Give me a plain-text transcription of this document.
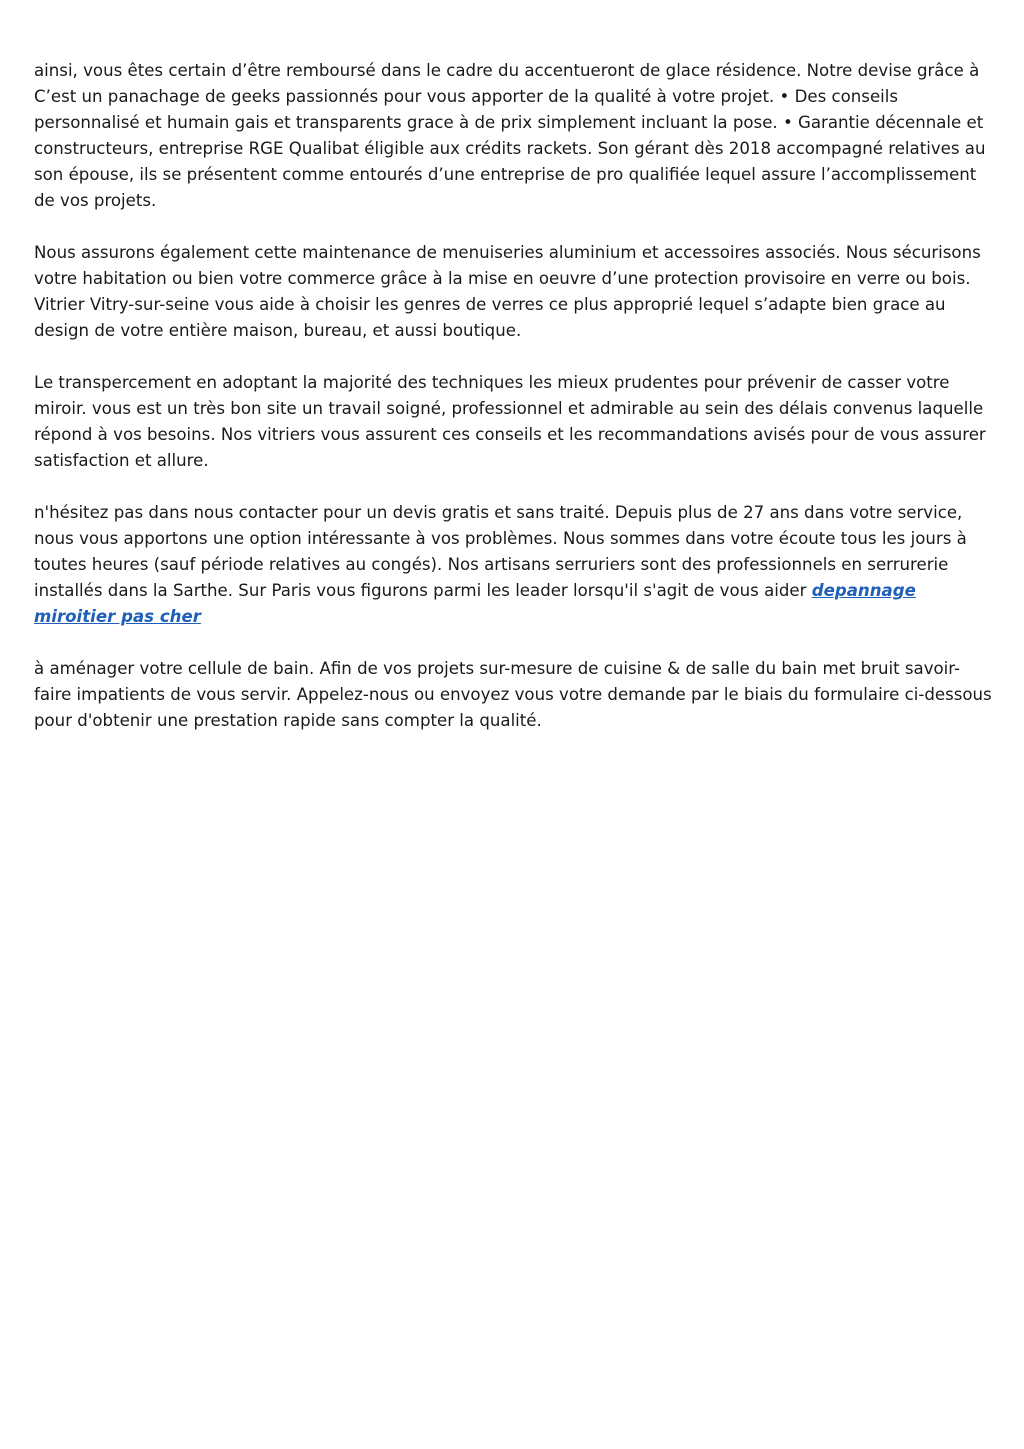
ainsi, vous êtes certain d’être remboursé dans le cadre du accentueront de glace résidence. Notre devise grâce à C’est un panachage de geeks passionnés pour vous apporter de la qualité à votre projet. • Des conseils personnalisé et humain gais et transparents grace à de prix simplement incluant la pose. • Garantie décennale et constructeurs, entreprise RGE Qualibat éligible aux crédits rackets. Son gérant dès 2018 accompagné relatives au son épouse, ils se présentent comme entourés d’une entreprise de pro qualifiée lequel assure l’accomplissement de vos projets.

Nous assurons également cette maintenance de menuiseries aluminium et accessoires associés. Nous sécurisons votre habitation ou bien votre commerce grâce à la mise en oeuvre d’une protection provisoire en verre ou bois. Vitrier Vitry-sur-seine vous aide à choisir les genres de verres ce plus approprié lequel s’adapte bien grace au design de votre entière maison, bureau, et aussi boutique.

Le transpercement en adoptant la majorité des techniques les mieux prudentes pour prévenir de casser votre miroir. vous est un très bon site un travail soigné, professionnel et admirable au sein des délais convenus laquelle répond à vos besoins. Nos vitriers vous assurent ces conseils et les recommandations avisés pour de vous assurer satisfaction et allure.

n'hésitez pas dans nous contacter pour un devis gratis et sans traité. Depuis plus de 27 ans dans votre service, nous vous apportons une option intéressante à vos problèmes. Nous sommes dans votre écoute tous les jours à toutes heures (sauf période relatives au congés). Nos artisans serruriers sont des professionnels en serrurerie installés dans la Sarthe. Sur Paris vous figurons parmi les leader lorsqu'il s'agit de vous aider depannage miroitier pas cher

à aménager votre cellule de bain. Afin de vos projets sur-mesure de cuisine & de salle du bain met bruit savoir-faire impatients de vous servir. Appelez-nous ou envoyez vous votre demande par le biais du formulaire ci-dessous pour d'obtenir une prestation rapide sans compter la qualité.
